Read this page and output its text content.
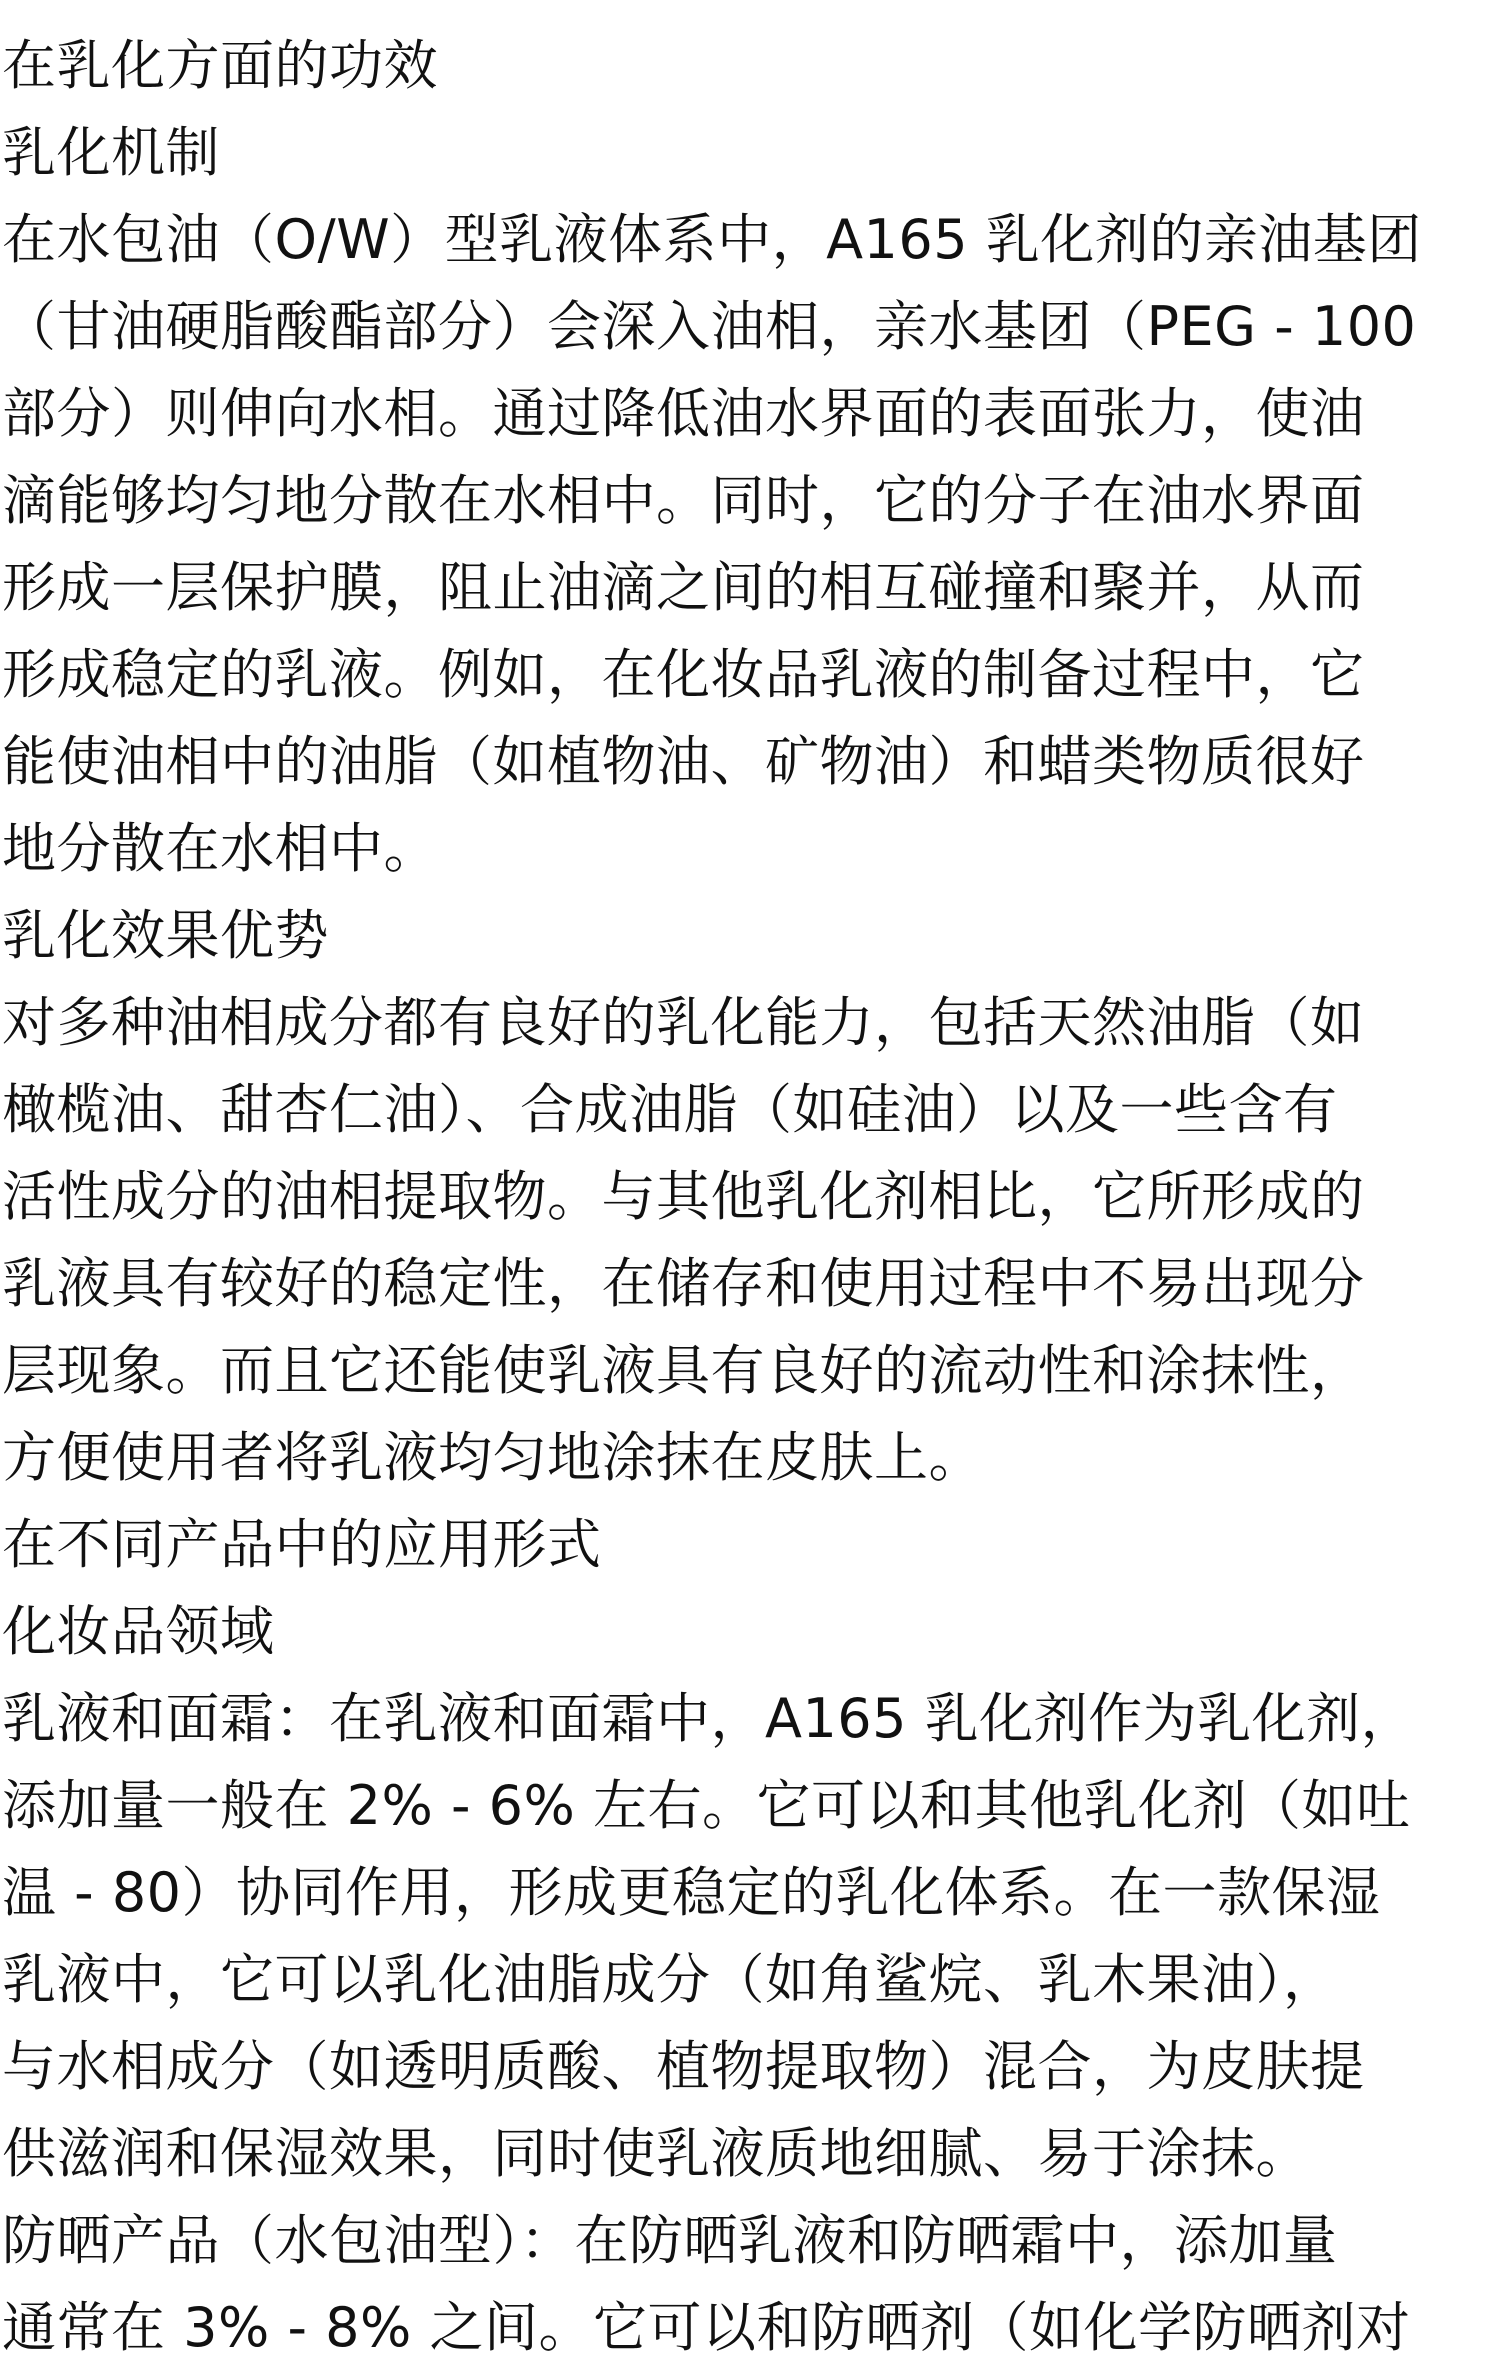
在乳化方面的功效
乳化机制
在水包油（O/W）型乳液体系中，A165 乳化剂的亲油基团
（甘油硬脂酸酯部分）会深入油相，亲水基团（PEG - 100
部分）则伸向水相。通过降低油水界面的表面张力，使油
滴能够均匀地分散在水相中。同时，它的分子在油水界面
形成一层保护膜，阻止油滴之间的相互碰撞和聚并，从而
形成稳定的乳液。例如，在化妆品乳液的制备过程中，它
能使油相中的油脂（如植物油、矿物油）和蜡类物质很好
地分散在水相中。
乳化效果优势
对多种油相成分都有良好的乳化能力，包括天然油脂（如
橄榄油、甜杏仁油）、合成油脂（如硅油）以及一些含有
活性成分的油相提取物。与其他乳化剂相比，它所形成的
乳液具有较好的稳定性，在储存和使用过程中不易出现分
层现象。而且它还能使乳液具有良好的流动性和涂抹性，
方便使用者将乳液均匀地涂抹在皮肤上。
在不同产品中的应用形式
化妆品领域
乳液和面霜：在乳液和面霜中，A165 乳化剂作为乳化剂，
添加量一般在 2% - 6% 左右。它可以和其他乳化剂（如吐
温 - 80）协同作用，形成更稳定的乳化体系。在一款保湿
乳液中，它可以乳化油脂成分（如角鲨烷、乳木果油），
与水相成分（如透明质酸、植物提取物）混合，为皮肤提
供滋润和保湿效果，同时使乳液质地细腻、易于涂抹。
防晒产品（水包油型）：在防晒乳液和防晒霜中，添加量
通常在 3% - 8% 之间。它可以和防晒剂（如化学防晒剂对
